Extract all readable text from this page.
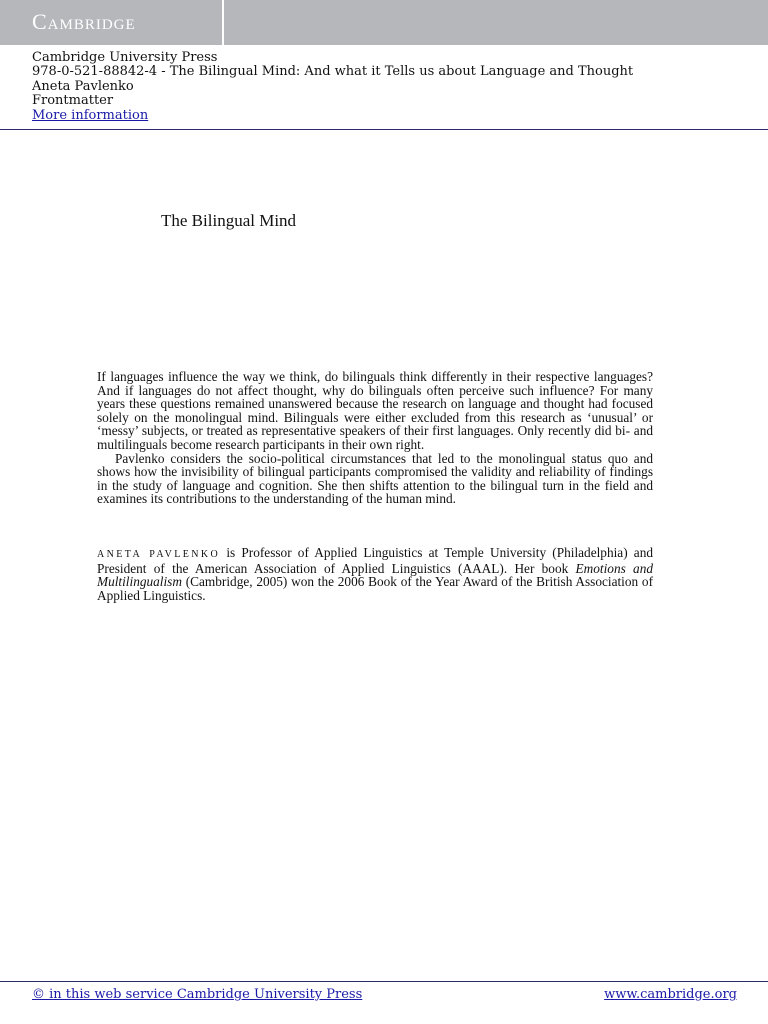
Cambridge
Cambridge University Press
978-0-521-88842-4 - The Bilingual Mind: And what it Tells us about Language and Thought
Aneta Pavlenko
Frontmatter
More information
The Bilingual Mind

If languages influence the way we think, do bilinguals think differently in their respective languages? And if languages do not affect thought, why do bilinguals often perceive such influence? For many years these questions remained unanswered because the research on language and thought had focused solely on the monolingual mind. Bilinguals were either excluded from this research as ‘unusual’ or ‘messy’ subjects, or treated as representative speakers of their first languages. Only recently did bi- and multilinguals become research participants in their own right.

Pavlenko considers the socio-political circumstances that led to the monolingual status quo and shows how the invisibility of bilingual participants compromised the validity and reliability of findings in the study of language and cognition. She then shifts attention to the bilingual turn in the field and examines its contributions to the understanding of the human mind.

ANETA PAVLENKO is Professor of Applied Linguistics at Temple University (Philadelphia) and President of the American Association of Applied Linguistics (AAAL). Her book Emotions and Multilingualism (Cambridge, 2005) won the 2006 Book of the Year Award of the British Association of Applied Linguistics.
© in this web service Cambridge University Press	www.cambridge.org
